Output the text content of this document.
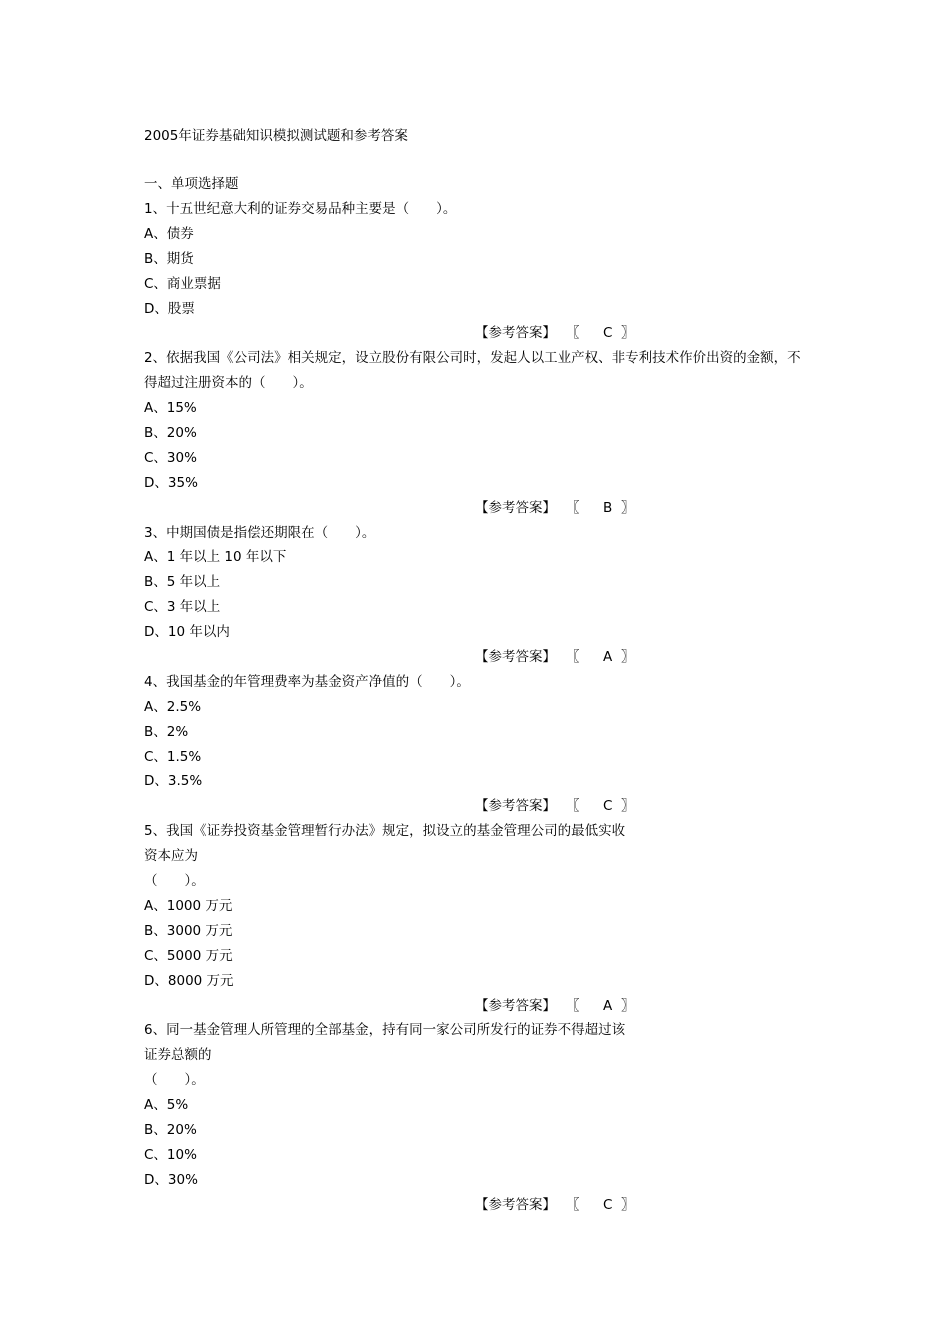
2005年证券基础知识模拟测试题和参考答案
一、单项选择题
1、十五世纪意大利的证券交易品种主要是（　　）。
A、债券
B、期货
C、商业票据
D、股票
【参考答案】 〖 C 〗
2、依据我国《公司法》相关规定，设立股份有限公司时，发起人以工业产权、非专利技术作价出资的金额，不
得超过注册资本的（　　）。
A、15%
B、20%
C、30%
D、35%
【参考答案】 〖 B 〗
3、中期国债是指偿还期限在（　　）。
A、1 年以上 10 年以下
B、5 年以上
C、3 年以上
D、10 年以内
【参考答案】 〖 A 〗
4、我国基金的年管理费率为基金资产净值的（　　）。
A、2.5%
B、2%
C、1.5%
D、3.5%
【参考答案】 〖 C 〗
5、我国《证券投资基金管理暂行办法》规定，拟设立的基金管理公司的最低实收
资本应为
（　　）。
A、1000 万元
B、3000 万元
C、5000 万元
D、8000 万元
【参考答案】 〖 A 〗
6、同一基金管理人所管理的全部基金，持有同一家公司所发行的证券不得超过该
证券总额的
（　　）。
A、5%
B、20%
C、10%
D、30%
【参考答案】 〖 C 〗
